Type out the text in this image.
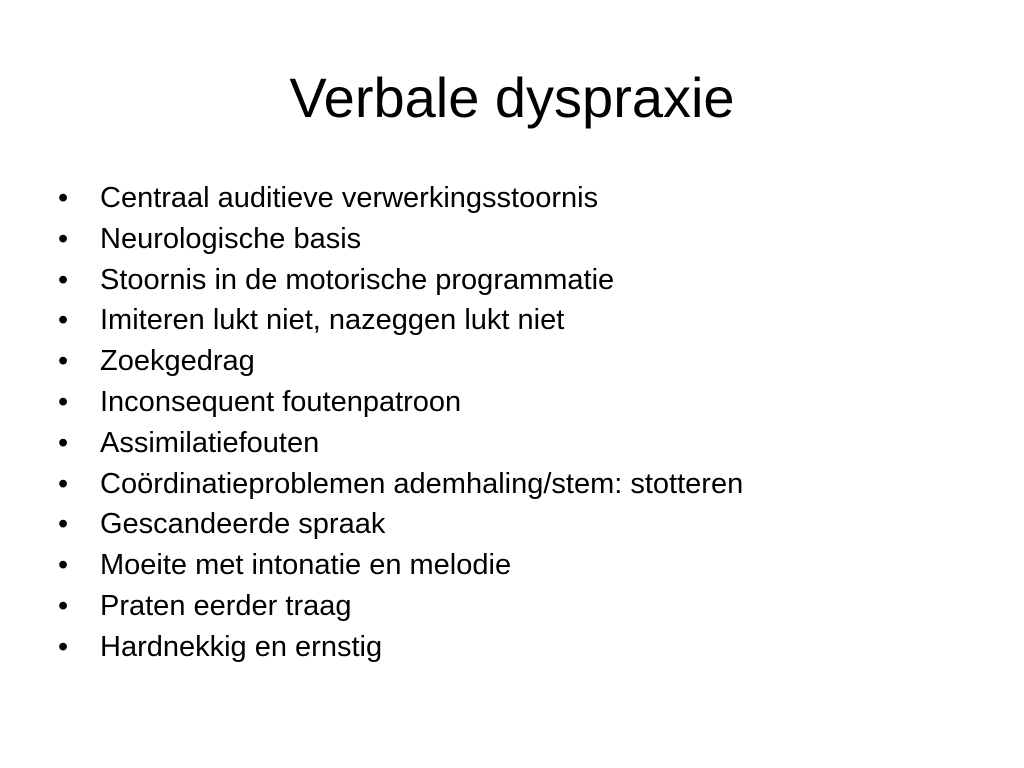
Verbale dyspraxie
•	Centraal auditieve verwerkingsstoornis
•	Neurologische basis
•	Stoornis in de motorische programmatie
•	Imiteren lukt niet, nazeggen lukt niet
•	Zoekgedrag
•	Inconsequent foutenpatroon
•	Assimilatiefouten
•	Coördinatieproblemen ademhaling/stem: stotteren
•	Gescandeerde spraak
•	Moeite met intonatie en melodie
•	Praten eerder traag
•	Hardnekkig en ernstig
